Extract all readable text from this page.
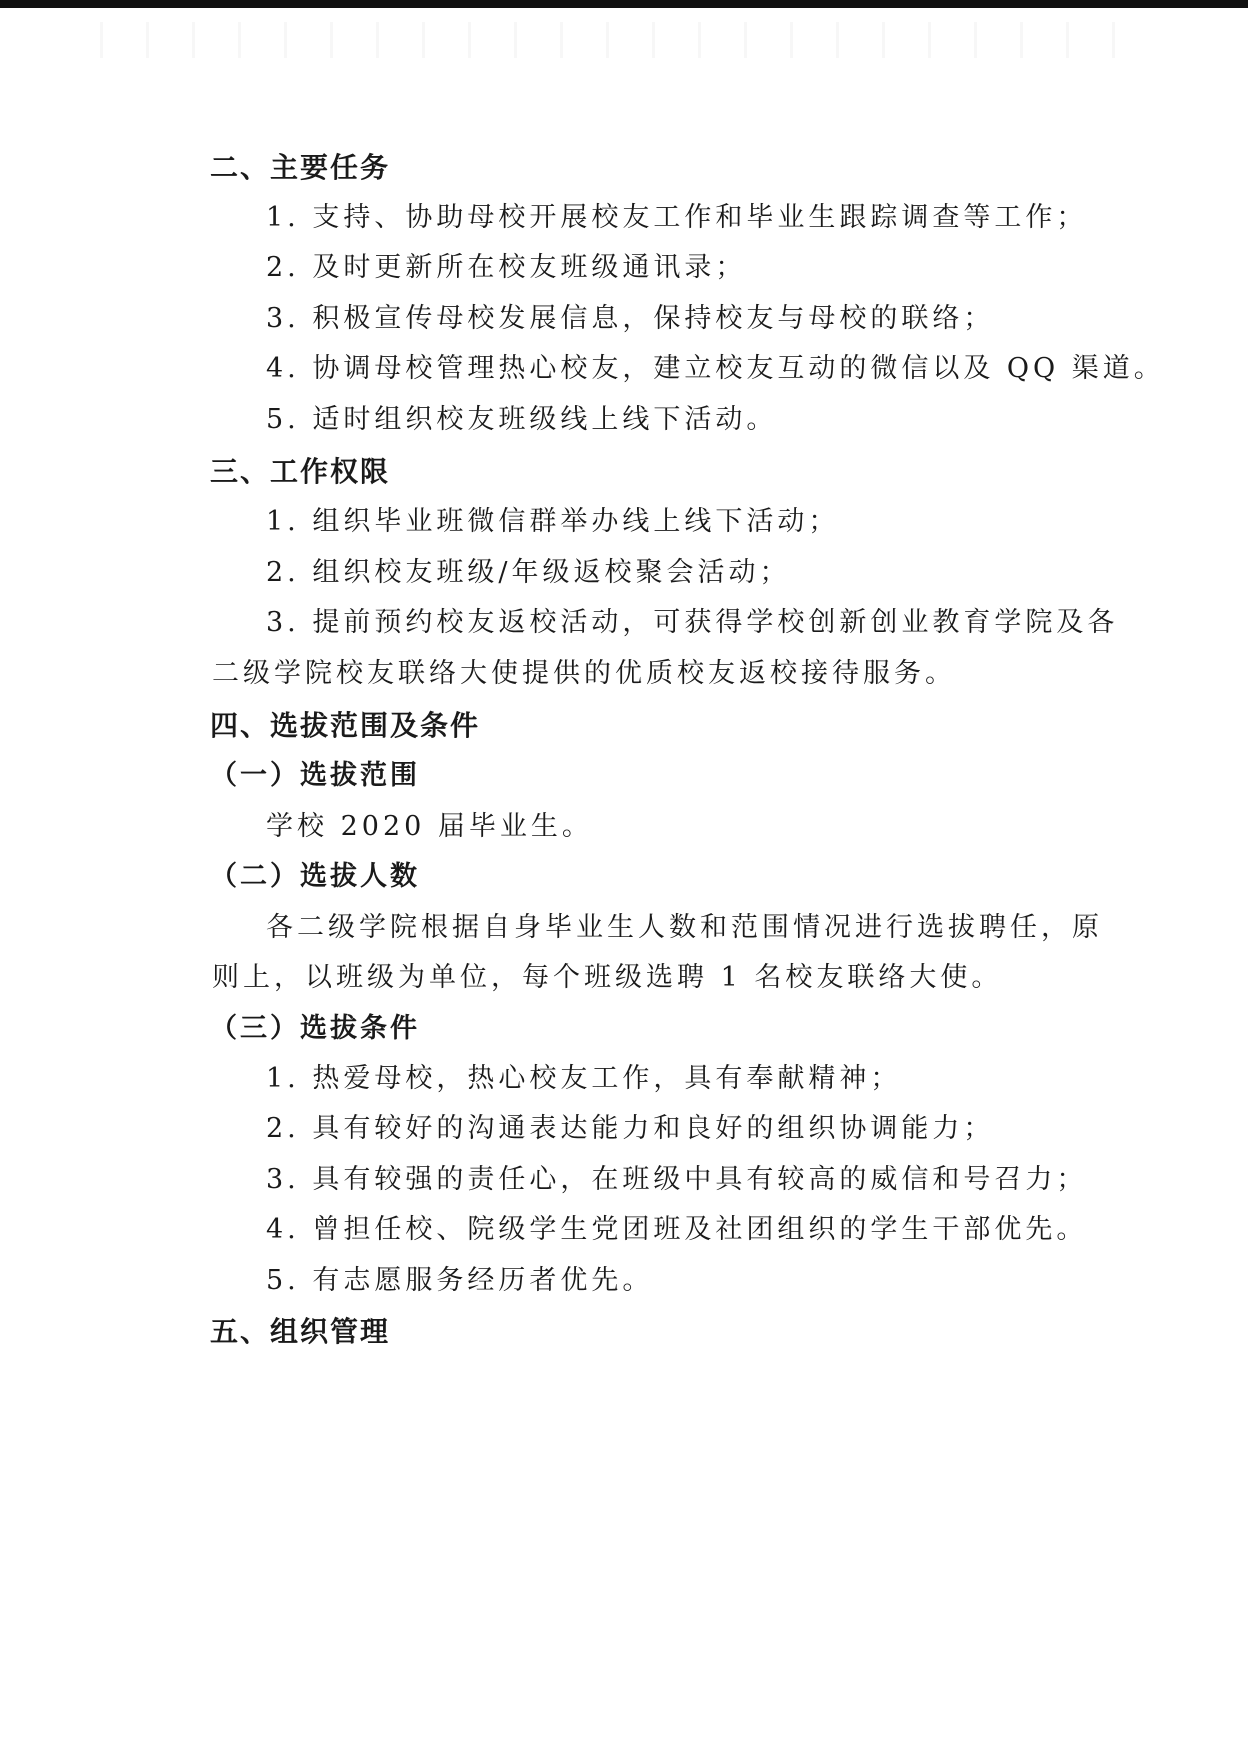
二、主要任务
1. 支持、协助母校开展校友工作和毕业生跟踪调查等工作；
2. 及时更新所在校友班级通讯录；
3. 积极宣传母校发展信息，保持校友与母校的联络；
4. 协调母校管理热心校友，建立校友互动的微信以及 QQ 渠道。
5. 适时组织校友班级线上线下活动。
三、工作权限
1. 组织毕业班微信群举办线上线下活动；
2. 组织校友班级/年级返校聚会活动；
3. 提前预约校友返校活动，可获得学校创新创业教育学院及各
二级学院校友联络大使提供的优质校友返校接待服务。
四、选拔范围及条件
（一）选拔范围
学校 2020 届毕业生。
（二）选拔人数
各二级学院根据自身毕业生人数和范围情况进行选拔聘任，原
则上，以班级为单位，每个班级选聘 1 名校友联络大使。
（三）选拔条件
1. 热爱母校，热心校友工作，具有奉献精神；
2. 具有较好的沟通表达能力和良好的组织协调能力；
3. 具有较强的责任心，在班级中具有较高的威信和号召力；
4. 曾担任校、院级学生党团班及社团组织的学生干部优先。
5. 有志愿服务经历者优先。
五、组织管理
